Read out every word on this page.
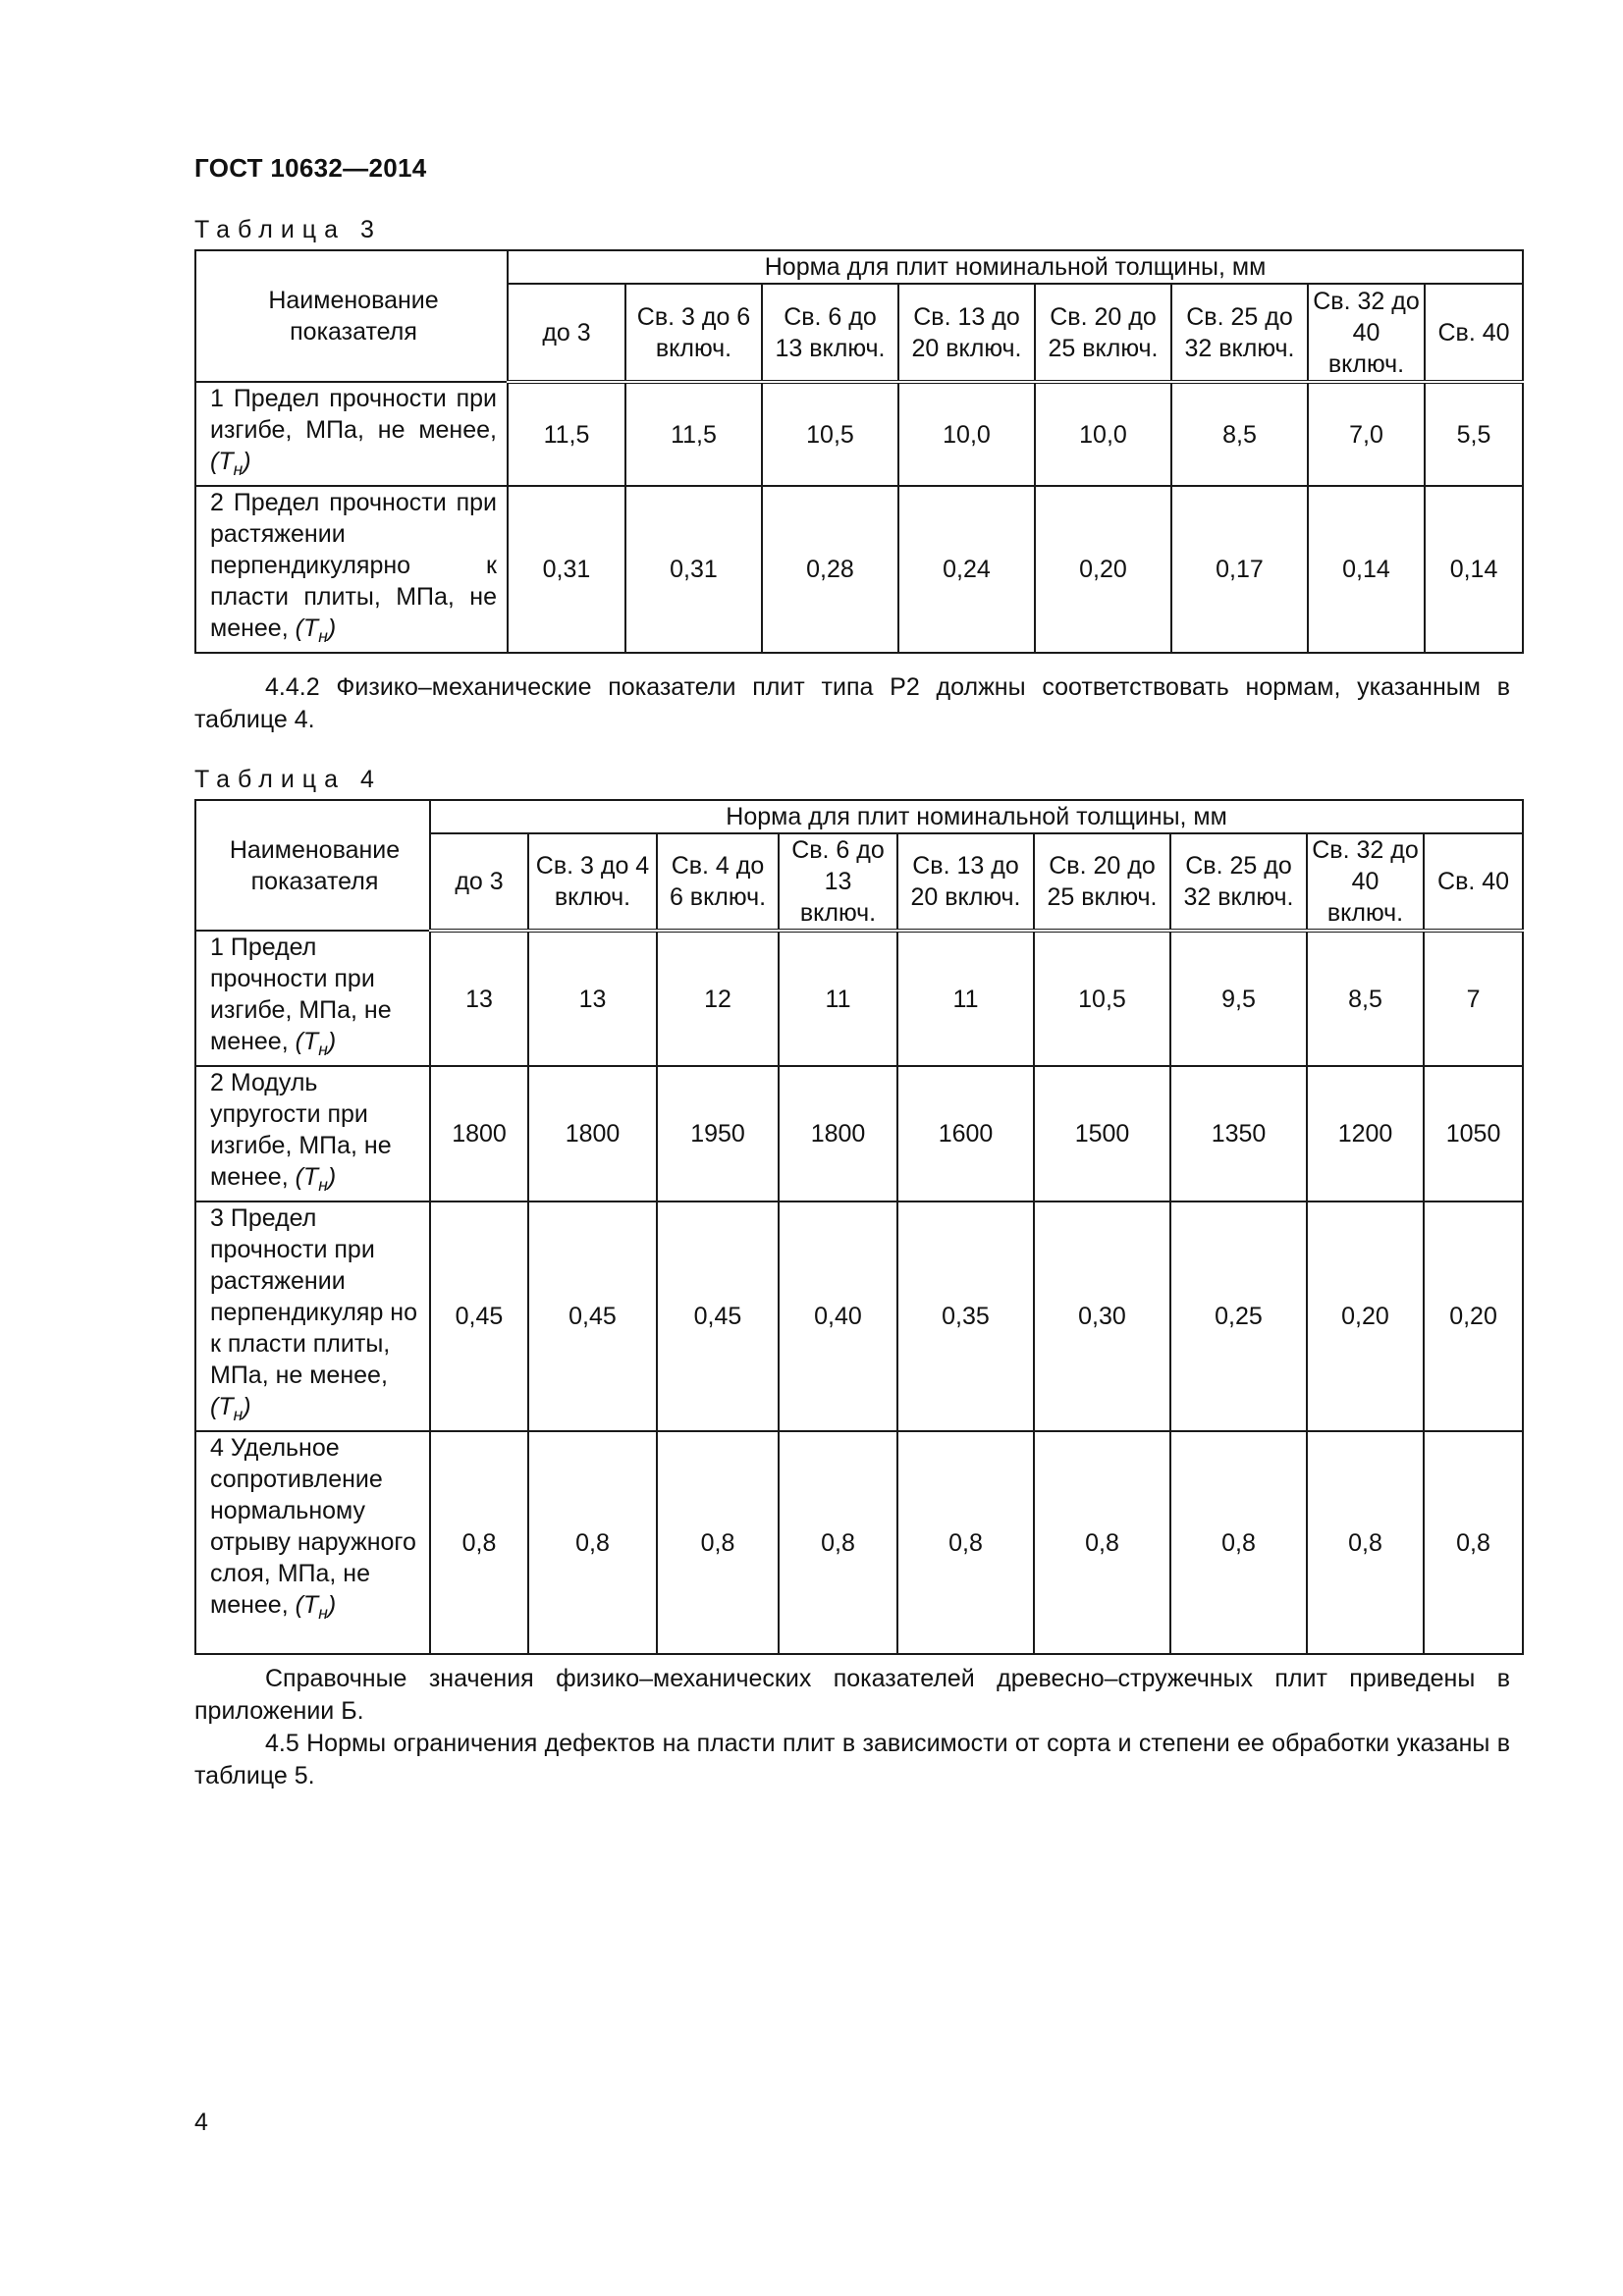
ГОСТ 10632—2014
Таблица 3
Наименование показателя	Норма для плит номинальной толщины, мм							
	до 3	Св. 3 до 6 включ.	Св. 6 до 13 включ.	Св. 13 до 20 включ.	Св. 20 до 25 включ.	Св. 25 до 32 включ.	Св. 32 до 40 включ.	Св. 40
1 Предел прочности при изгибе, МПа, не менее, $(T_н)$	11,5	11,5	10,5	10,0	10,0	8,5	7,0	5,5
2 Предел прочности при растяжении перпендикулярно к пласти плиты, МПа, не менее, $(T_н)$	0,31	0,31	0,28	0,24	0,20	0,17	0,14	0,14

4.4.2 Физико–механические показатели плит типа Р2 должны соответствовать нормам, указанным в таблице 4.

Таблица 4
Наименование показателя	Норма для плит номинальной толщины, мм								
	до 3	Св. 3 до 4 включ.	Св. 4 до 6 включ.	Св. 6 до 13 включ.	Св. 13 до 20 включ.	Св. 20 до 25 включ.	Св. 25 до 32 включ.	Св. 32 до 40 включ.	Св. 40
1 Предел прочности при изгибе, МПа, не менее, $(T_н)$	13	13	12	11	11	10,5	9,5	8,5	7
2 Модуль упругости при изгибе, МПа, не менее, $(T_н)$	1800	1800	1950	1800	1600	1500	1350	1200	1050
3 Предел прочности при растяжении перпендикуляр но к пласти плиты, МПа, не менее, $(T_н)$	0,45	0,45	0,45	0,40	0,35	0,30	0,25	0,20	0,20
4 Удельное сопротивление нормальному отрыву наружного слоя, МПа, не менее, $(T_н)$	0,8	0,8	0,8	0,8	0,8	0,8	0,8	0,8	0,8

Справочные значения физико–механических показателей древесно–стружечных плит приведены в приложении Б.

4.5 Нормы ограничения дефектов на пласти плит в зависимости от сорта и степени ее обработки указаны в таблице 5.

4
